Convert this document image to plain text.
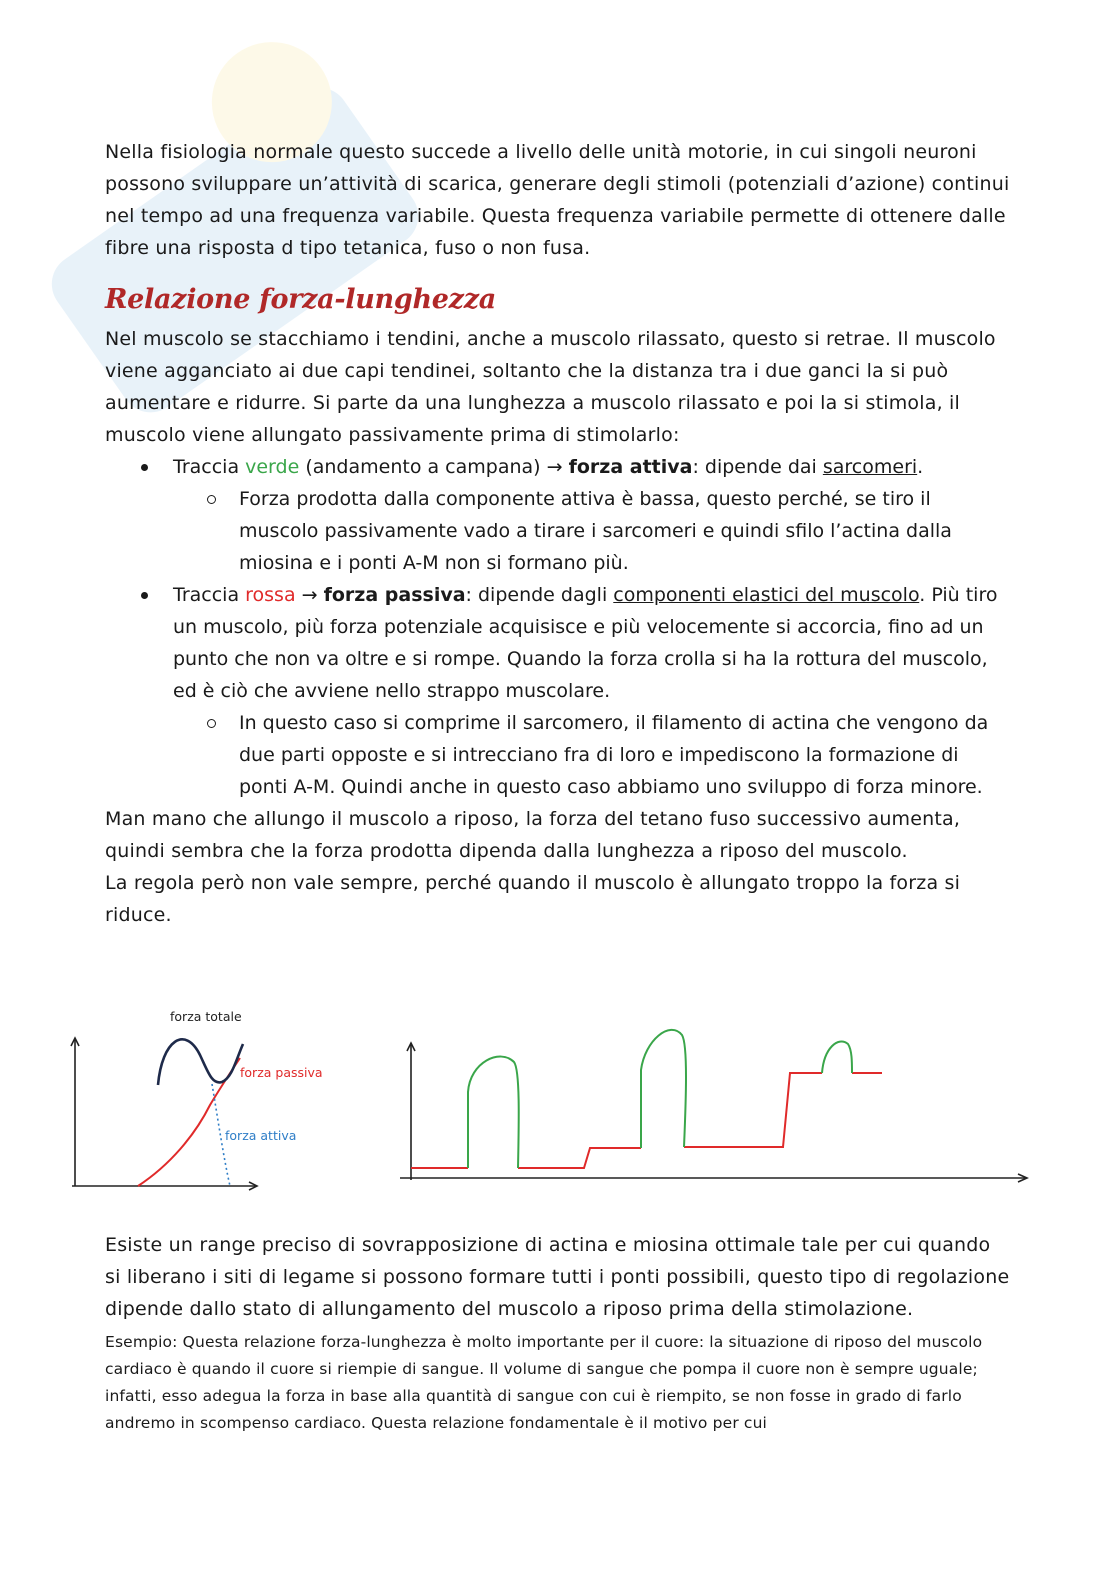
Nella fisiologia normale questo succede a livello delle unità motorie, in cui singoli neuroni possono sviluppare un’attività di scarica, generare degli stimoli (potenziali d’azione) continui nel tempo ad una frequenza variabile. Questa frequenza variabile permette di ottenere dalle fibre una risposta d tipo tetanica, fuso o non fusa.

Relazione forza-lunghezza

Nel muscolo se stacchiamo i tendini, anche a muscolo rilassato, questo si retrae. Il muscolo viene agganciato ai due capi tendinei, soltanto che la distanza tra i due ganci la si può aumentare e ridurre. Si parte da una lunghezza a muscolo rilassato e poi la si stimola, il muscolo viene allungato passivamente prima di stimolarlo:

Traccia verde (andamento a campana) → forza attiva: dipende dai sarcomeri.
Forza prodotta dalla componente attiva è bassa, questo perché, se tiro il muscolo passivamente vado a tirare i sarcomeri e quindi sfilo l’actina dalla miosina e i ponti A-M non si formano più.
Traccia rossa → forza passiva: dipende dagli componenti elastici del muscolo. Più tiro un muscolo, più forza potenziale acquisisce e più velocemente si accorcia, fino ad un punto che non va oltre e si rompe. Quando la forza crolla si ha la rottura del muscolo, ed è ciò che avviene nello strappo muscolare.
In questo caso si comprime il sarcomero, il filamento di actina che vengono da due parti opposte e si intrecciano fra di loro e impediscono la formazione di ponti A-M. Quindi anche in questo caso abbiamo uno sviluppo di forza minore.

Man mano che allungo il muscolo a riposo, la forza del tetano fuso successivo aumenta, quindi sembra che la forza prodotta dipenda dalla lunghezza a riposo del muscolo.

La regola però non vale sempre, perché quando il muscolo è allungato troppo la forza si riduce.

forza totale
forza passiva
forza attiva

Esiste un range preciso di sovrapposizione di actina e miosina ottimale tale per cui quando si liberano i siti di legame si possono formare tutti i ponti possibili, questo tipo di regolazione dipende dallo stato di allungamento del muscolo a riposo prima della stimolazione.

Esempio: Questa relazione forza-lunghezza è molto importante per il cuore: la situazione di riposo del muscolo cardiaco è quando il cuore si riempie di sangue. Il volume di sangue che pompa il cuore non è sempre uguale; infatti, esso adegua la forza in base alla quantità di sangue con cui è riempito, se non fosse in grado di farlo andremo in scompenso cardiaco. Questa relazione fondamentale è il motivo per cui
